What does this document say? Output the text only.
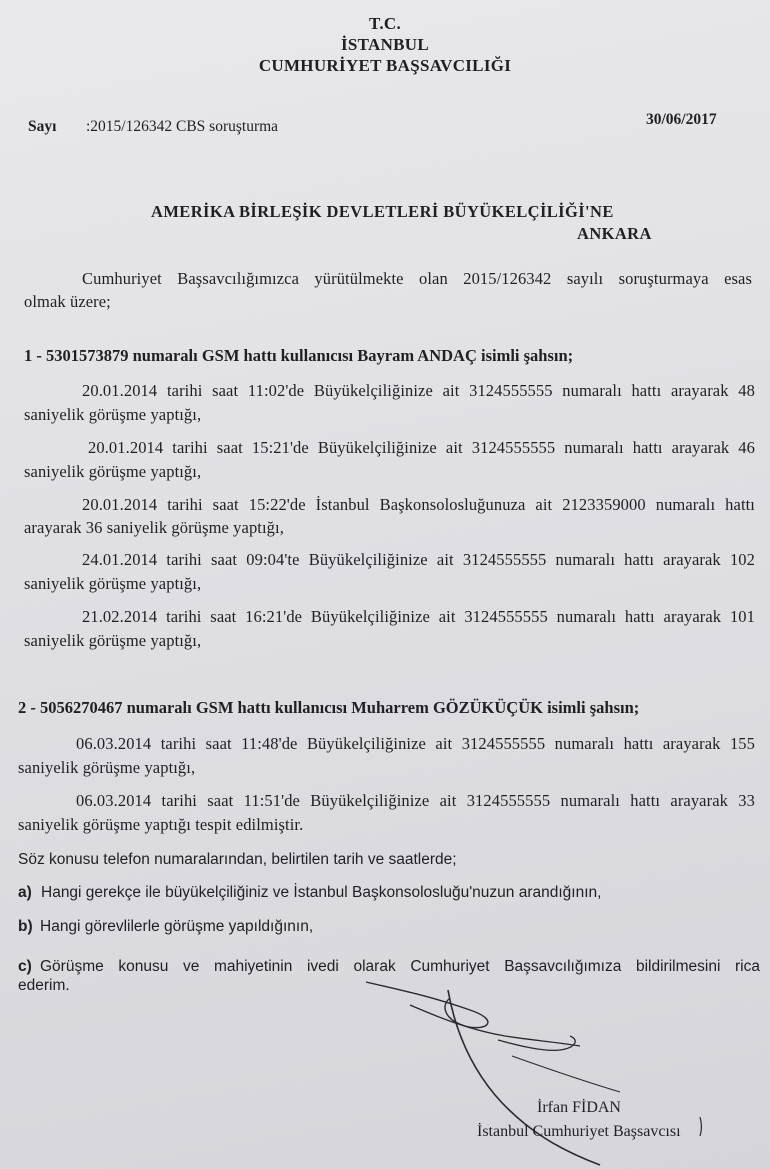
T.C.
İSTANBUL
CUMHURİYET BAŞSAVCILIĞI
Sayı :2015/126342 CBS soruşturma	30/06/2017
AMERİKA BİRLEŞİK DEVLETLERİ BÜYÜKELÇİLİĞİ'NE
ANKARA
Cumhuriyet Başsavcılığımızca yürütülmekte olan 2015/126342 sayılı soruşturmaya esas
olmak üzere;
1 - 5301573879 numaralı GSM hattı kullanıcısı Bayram ANDAÇ isimli şahsın;
20.01.2014 tarihi saat 11:02'de Büyükelçiliğinize ait 3124555555 numaralı hattı arayarak 48
saniyelik görüşme yaptığı,
20.01.2014 tarihi saat 15:21'de Büyükelçiliğinize ait 3124555555 numaralı hattı arayarak 46
saniyelik görüşme yaptığı,
20.01.2014 tarihi saat 15:22'de İstanbul Başkonsolosluğunuza ait 2123359000 numaralı hattı
arayarak 36 saniyelik görüşme yaptığı,
24.01.2014 tarihi saat 09:04'te Büyükelçiliğinize ait 3124555555 numaralı hattı arayarak 102
saniyelik görüşme yaptığı,
21.02.2014 tarihi saat 16:21'de Büyükelçiliğinize ait 3124555555 numaralı hattı arayarak 101
saniyelik görüşme yaptığı,
2 - 5056270467 numaralı GSM hattı kullanıcısı Muharrem GÖZÜKÜÇÜK isimli şahsın;
06.03.2014 tarihi saat 11:48'de Büyükelçiliğinize ait 3124555555 numaralı hattı arayarak 155
saniyelik görüşme yaptığı,
06.03.2014 tarihi saat 11:51'de Büyükelçiliğinize ait 3124555555 numaralı hattı arayarak 33
saniyelik görüşme yaptığı tespit edilmiştir.
Söz konusu telefon numaralarından, belirtilen tarih ve saatlerde;
a) Hangi gerekçe ile büyükelçiliğiniz ve İstanbul Başkonsolosluğu'nuzun arandığının,
b) Hangi görevlilerle görüşme yapıldığının,
c) Görüşme konusu ve mahiyetinin ivedi olarak Cumhuriyet Başsavcılığımıza bildirilmesini rica
ederim.
İrfan FİDAN
İstanbul Cumhuriyet Başsavcısı
